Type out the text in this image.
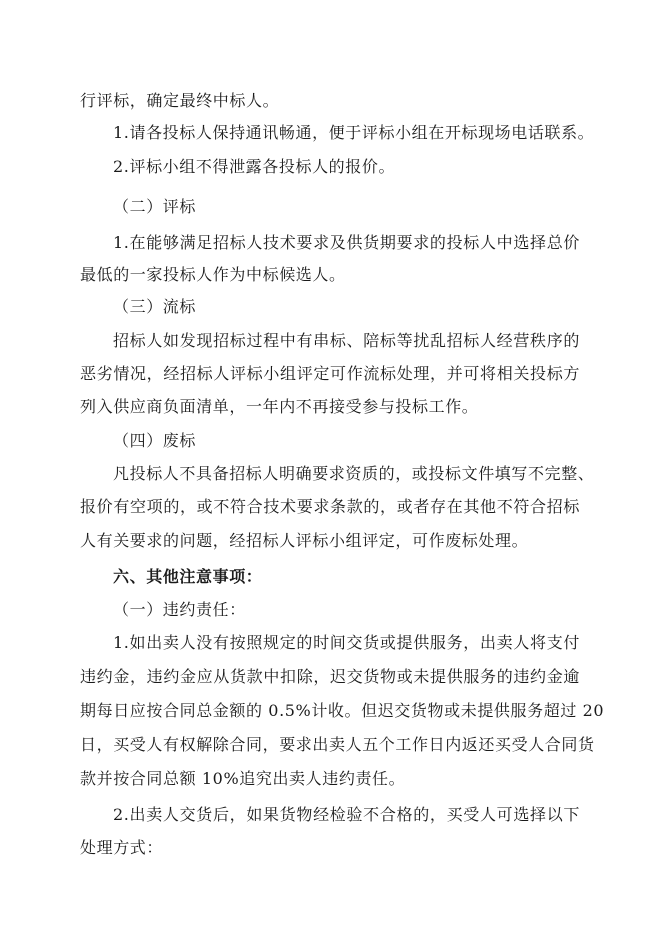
行评标，确定最终中标人。
1.请各投标人保持通讯畅通，便于评标小组在开标现场电话联系。
2.评标小组不得泄露各投标人的报价。
（二）评标
1.在能够满足招标人技术要求及供货期要求的投标人中选择总价
最低的一家投标人作为中标候选人。
（三）流标
招标人如发现招标过程中有串标、陪标等扰乱招标人经营秩序的
恶劣情况，经招标人评标小组评定可作流标处理，并可将相关投标方
列入供应商负面清单，一年内不再接受参与投标工作。
（四）废标
凡投标人不具备招标人明确要求资质的，或投标文件填写不完整、
报价有空项的，或不符合技术要求条款的，或者存在其他不符合招标
人有关要求的问题，经招标人评标小组评定，可作废标处理。
六、其他注意事项：
（一）违约责任：
1.如出卖人没有按照规定的时间交货或提供服务，出卖人将支付
违约金，违约金应从货款中扣除，迟交货物或未提供服务的违约金逾
期每日应按合同总金额的 0.5%计收。但迟交货物或未提供服务超过 20
日，买受人有权解除合同，要求出卖人五个工作日内返还买受人合同货
款并按合同总额 10%追究出卖人违约责任。
2.出卖人交货后，如果货物经检验不合格的，买受人可选择以下
处理方式：
